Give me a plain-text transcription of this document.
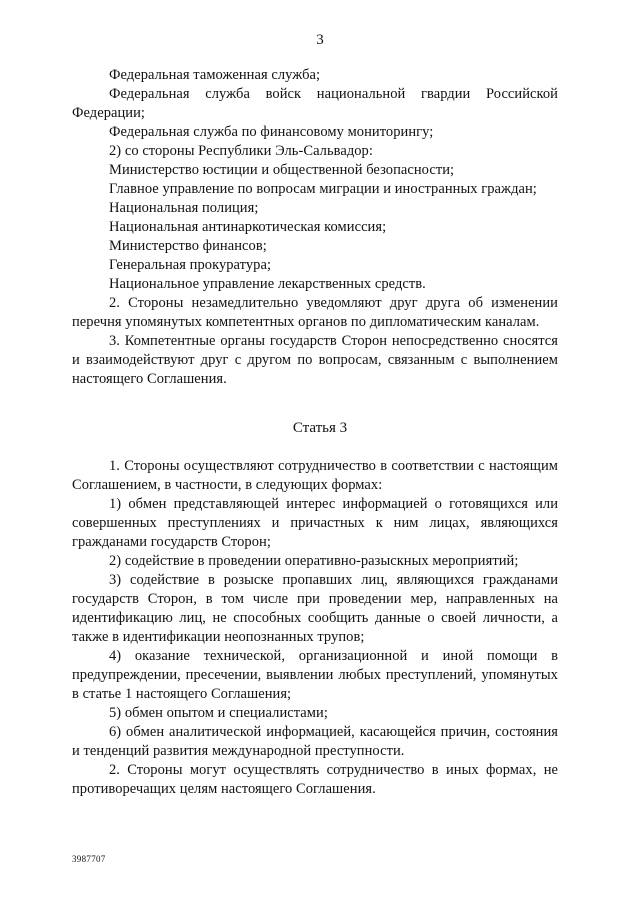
3

Федеральная таможенная служба;

Федеральная служба войск национальной гвардии Российской Федерации;

Федеральная служба по финансовому мониторингу;

2) со стороны Республики Эль-Сальвадор:

Министерство юстиции и общественной безопасности;

Главное управление по вопросам миграции и иностранных граждан;

Национальная полиция;

Национальная антинаркотическая комиссия;

Министерство финансов;

Генеральная прокуратура;

Национальное управление лекарственных средств.

2. Стороны незамедлительно уведомляют друг друга об изменении перечня упомянутых компетентных органов по дипломатическим каналам.

3. Компетентные органы государств Сторон непосредственно сносятся и взаимодействуют друг с другом по вопросам, связанным с выполнением настоящего Соглашения.

Статья 3

1. Стороны осуществляют сотрудничество в соответствии с настоящим Соглашением, в частности, в следующих формах:

1) обмен представляющей интерес информацией о готовящихся или совершенных преступлениях и причастных к ним лицах, являющихся гражданами государств Сторон;

2) содействие в проведении оперативно-разыскных мероприятий;

3) содействие в розыске пропавших лиц, являющихся гражданами государств Сторон, в том числе при проведении мер, направленных на идентификацию лиц, не способных сообщить данные о своей личности, а также в идентификации неопознанных трупов;

4) оказание технической, организационной и иной помощи в предупреждении, пресечении, выявлении любых преступлений, упомянутых в статье 1 настоящего Соглашения;

5) обмен опытом и специалистами;

6) обмен аналитической информацией, касающейся причин, состояния и тенденций развития международной преступности.

2. Стороны могут осуществлять сотрудничество в иных формах, не противоречащих целям настоящего Соглашения.

3987707
